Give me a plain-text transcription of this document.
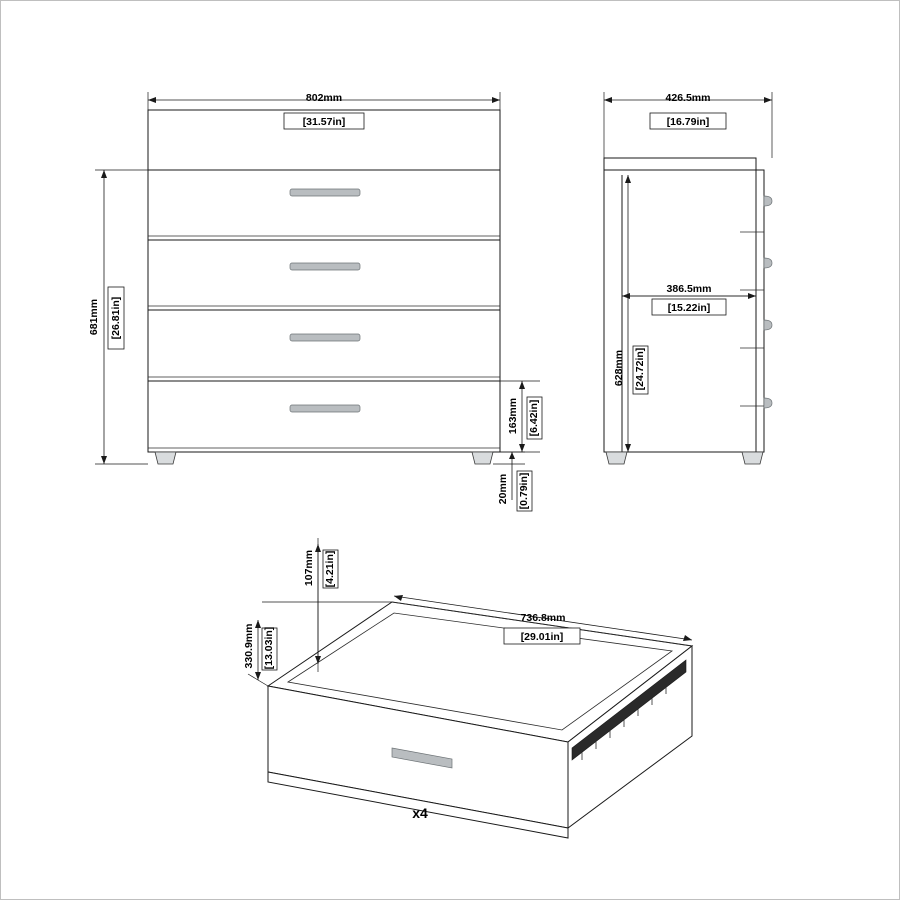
802mm
[31.57in]
681mm [26.81in]
163mm [6.42in]
20mm [0.79in]
426.5mm
[16.79in]
386.5mm
[15.22in]
628mm [24.72in]
107mm [4.21in]
330.9mm [13.03in]
736.8mm
[29.01in]
x4
